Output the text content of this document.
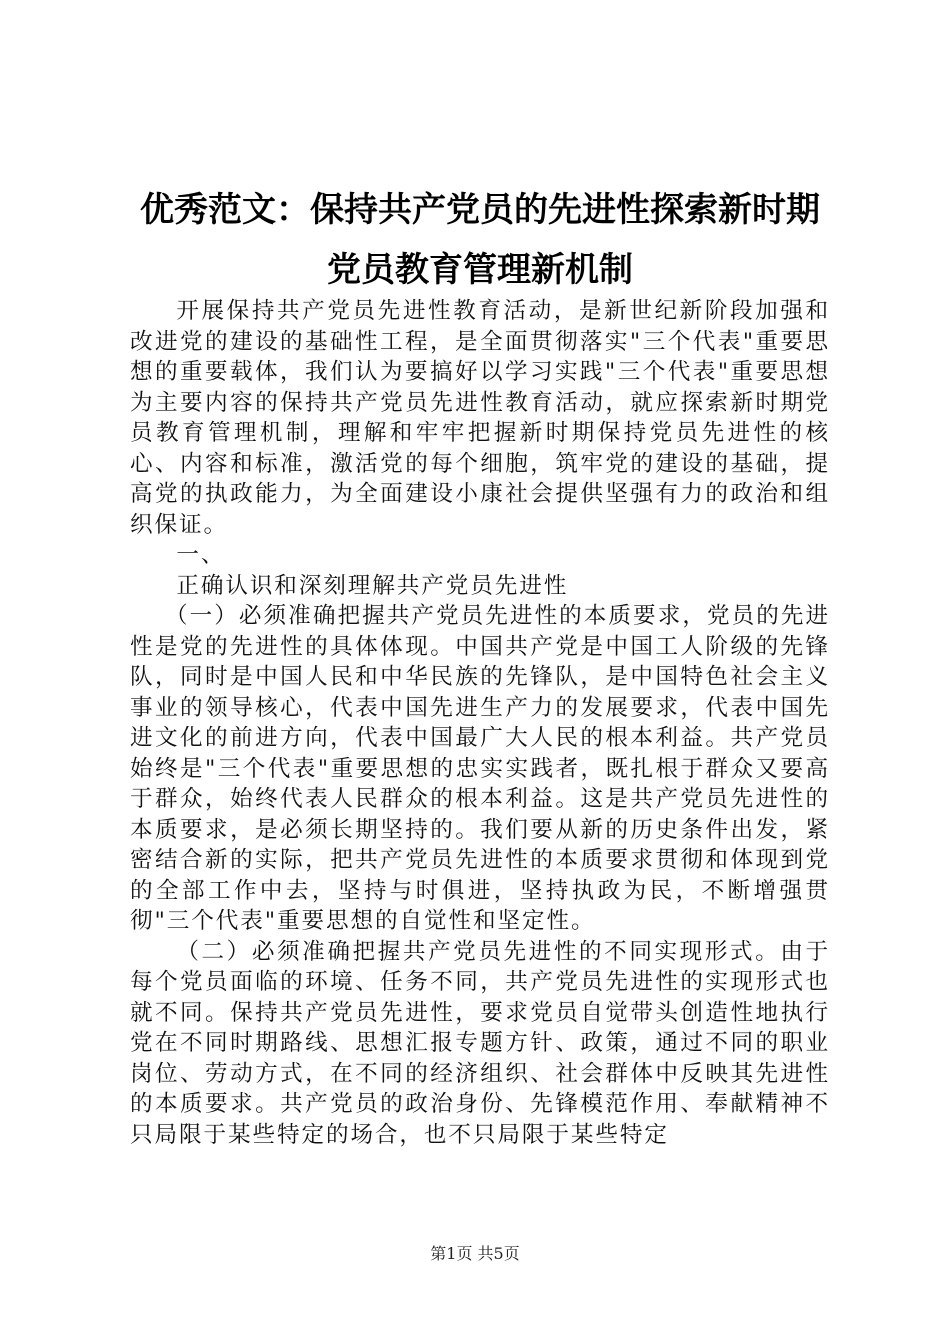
优秀范文：保持共产党员的先进性探索新时期
党员教育管理新机制

开展保持共产党员先进性教育活动，是新世纪新阶段加强和改进党的建设的基础性工程，是全面贯彻落实"三个代表"重要思想的重要载体，我们认为要搞好以学习实践"三个代表"重要思想为主要内容的保持共产党员先进性教育活动，就应探索新时期党员教育管理机制，理解和牢牢把握新时期保持党员先进性的核心、内容和标准，激活党的每个细胞，筑牢党的建设的基础，提高党的执政能力，为全面建设小康社会提供坚强有力的政治和组织保证。

一、

正确认识和深刻理解共产党员先进性

（一）必须准确把握共产党员先进性的本质要求，党员的先进性是党的先进性的具体体现。中国共产党是中国工人阶级的先锋队，同时是中国人民和中华民族的先锋队，是中国特色社会主义事业的领导核心，代表中国先进生产力的发展要求，代表中国先进文化的前进方向，代表中国最广大人民的根本利益。共产党员始终是"三个代表"重要思想的忠实实践者，既扎根于群众又要高于群众，始终代表人民群众的根本利益。这是共产党员先进性的本质要求，是必须长期坚持的。我们要从新的历史条件出发，紧密结合新的实际，把共产党员先进性的本质要求贯彻和体现到党的全部工作中去，坚持与时俱进，坚持执政为民，不断增强贯彻"三个代表"重要思想的自觉性和坚定性。

（二）必须准确把握共产党员先进性的不同实现形式。由于每个党员面临的环境、任务不同，共产党员先进性的实现形式也就不同。保持共产党员先进性，要求党员自觉带头创造性地执行党在不同时期路线、思想汇报专题方针、政策，通过不同的职业岗位、劳动方式，在不同的经济组织、社会群体中反映其先进性的本质要求。共产党员的政治身份、先锋模范作用、奉献精神不只局限于某些特定的场合，也不只局限于某些特定

第1页 共5页
